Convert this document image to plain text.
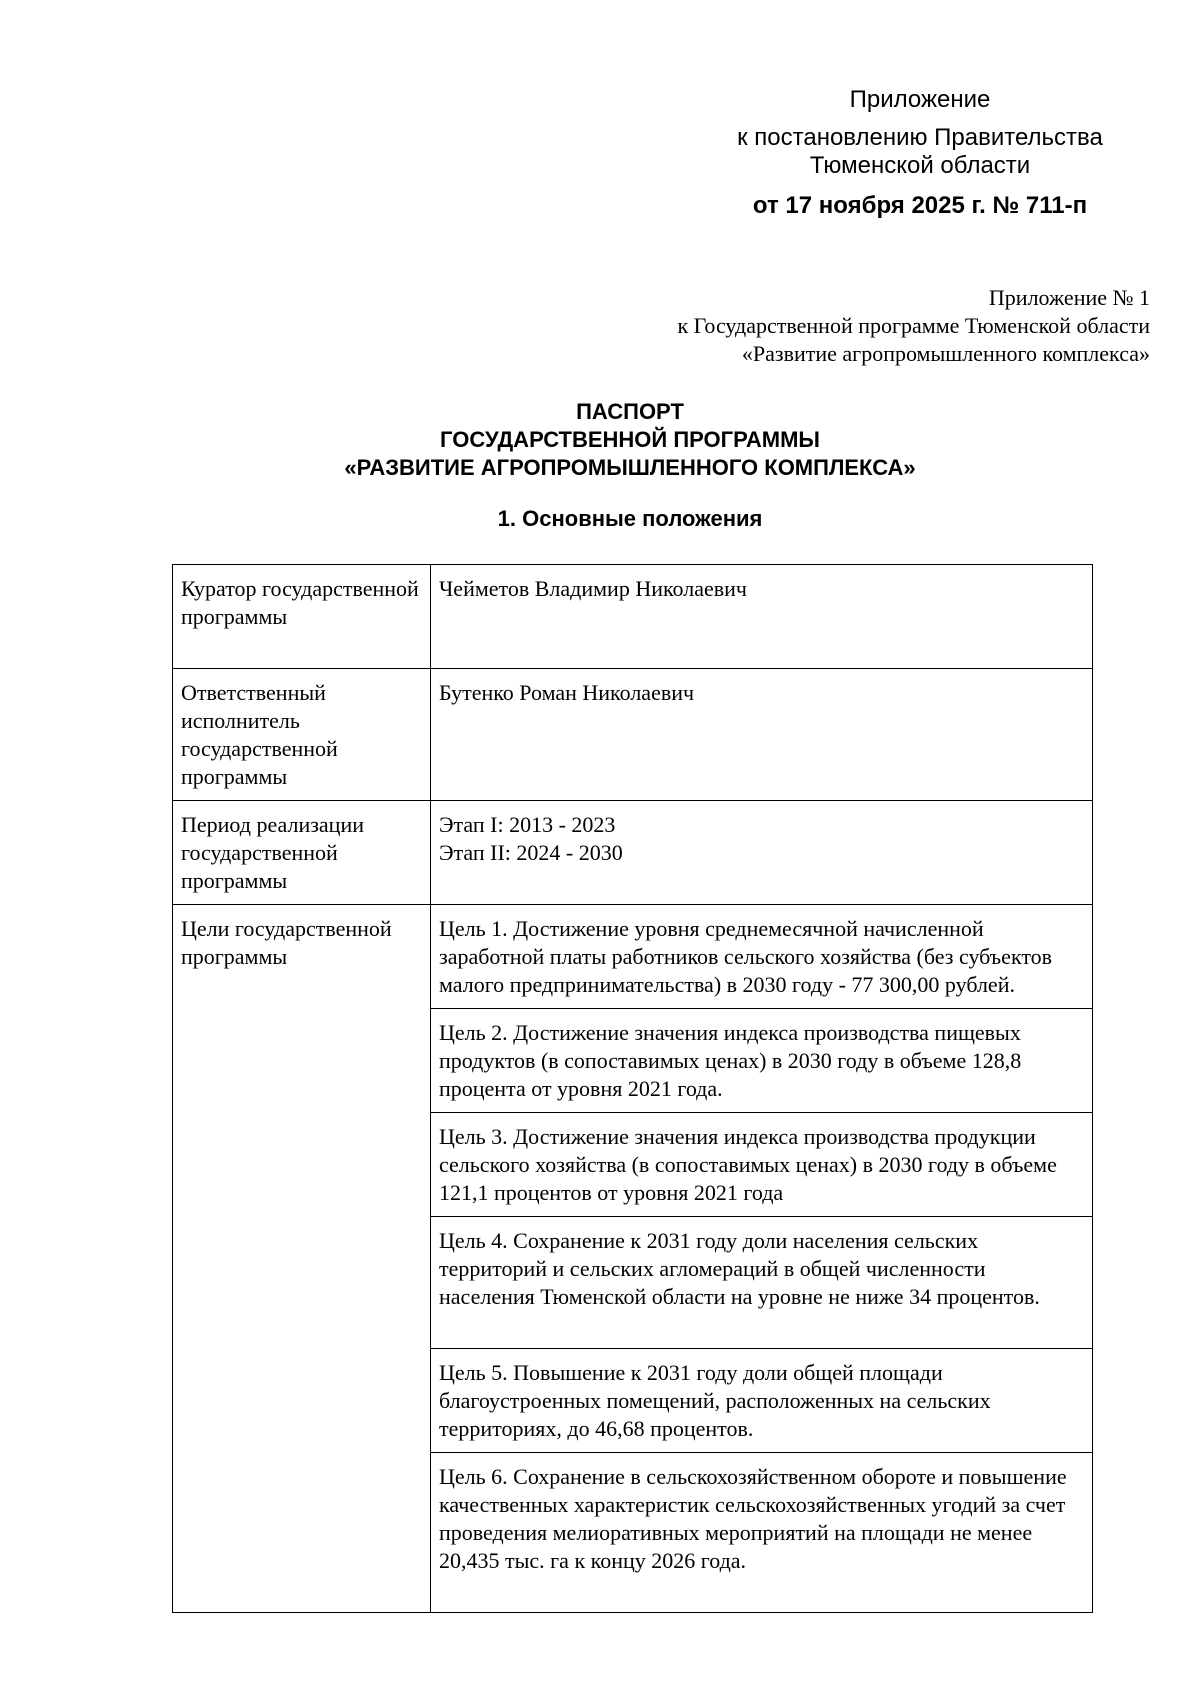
Приложение
к постановлению Правительства
Тюменской области
от 17 ноября 2025 г. № 711-п
Приложение № 1
к Государственной программе Тюменской области
«Развитие агропромышленного комплекса»
ПАСПОРТ
ГОСУДАРСТВЕННОЙ ПРОГРАММЫ
«РАЗВИТИЕ АГРОПРОМЫШЛЕННОГО КОМПЛЕКСА»
1. Основные положения
Куратор государственной программы	Чейметов Владимир Николаевич
Ответственный исполнитель государственной программы	Бутенко Роман Николаевич
Период реализации государственной программы	Этап I: 2013 - 2023
Этап II: 2024 - 2030

Цели государственной программы	Цель 1. Достижение уровня среднемесячной начисленной заработной платы работников сельского хозяйства (без субъектов малого предпринимательства) в 2030 году - 77 300,00 рублей.
	Цель 2. Достижение значения индекса производства пищевых продуктов (в сопоставимых ценах) в 2030 году в объеме 128,8 процента от уровня 2021 года.
	Цель 3. Достижение значения индекса производства продукции сельского хозяйства (в сопоставимых ценах) в 2030 году в объеме 121,1 процентов от уровня 2021 года
	Цель 4. Сохранение к 2031 году доли населения сельских территорий и сельских агломераций в общей численности населения Тюменской области на уровне не ниже 34 процентов.
	Цель 5. Повышение к 2031 году доли общей площади благоустроенных помещений, расположенных на сельских территориях, до 46,68 процентов.
	Цель 6. Сохранение в сельскохозяйственном обороте и повышение качественных характеристик сельскохозяйственных угодий за счет проведения мелиоративных мероприятий на площади не менее 20,435 тыс. га к концу 2026 года.
